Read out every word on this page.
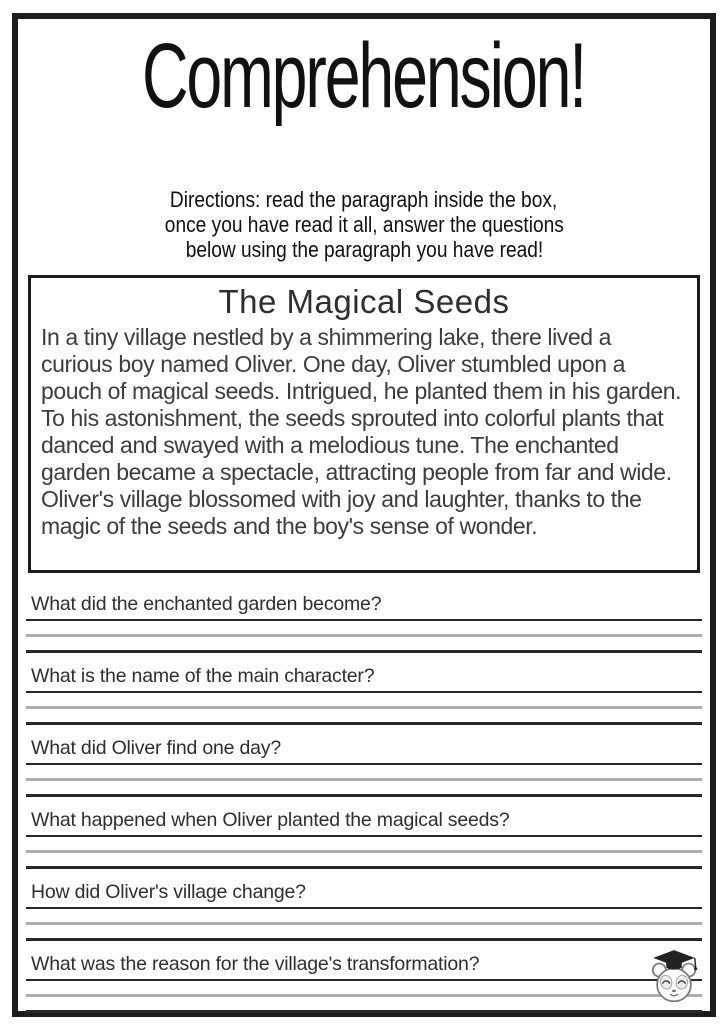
Comprehension!
Directions: read the paragraph inside the box,
once you have read it all, answer the questions
below using the paragraph you have read!
The Magical Seeds

In a tiny village nestled by a shimmering lake, there lived a curious boy named Oliver. One day, Oliver stumbled upon a pouch of magical seeds. Intrigued, he planted them in his garden. To his astonishment, the seeds sprouted into colorful plants that danced and swayed with a melodious tune. The enchanted garden became a spectacle, attracting people from far and wide. Oliver's village blossomed with joy and laughter, thanks to the magic of the seeds and the boy's sense of wonder.

What did the enchanted garden become?
What is the name of the main character?
What did Oliver find one day?
What happened when Oliver planted the magical seeds?
How did Oliver's village change?
What was the reason for the village's transformation?
